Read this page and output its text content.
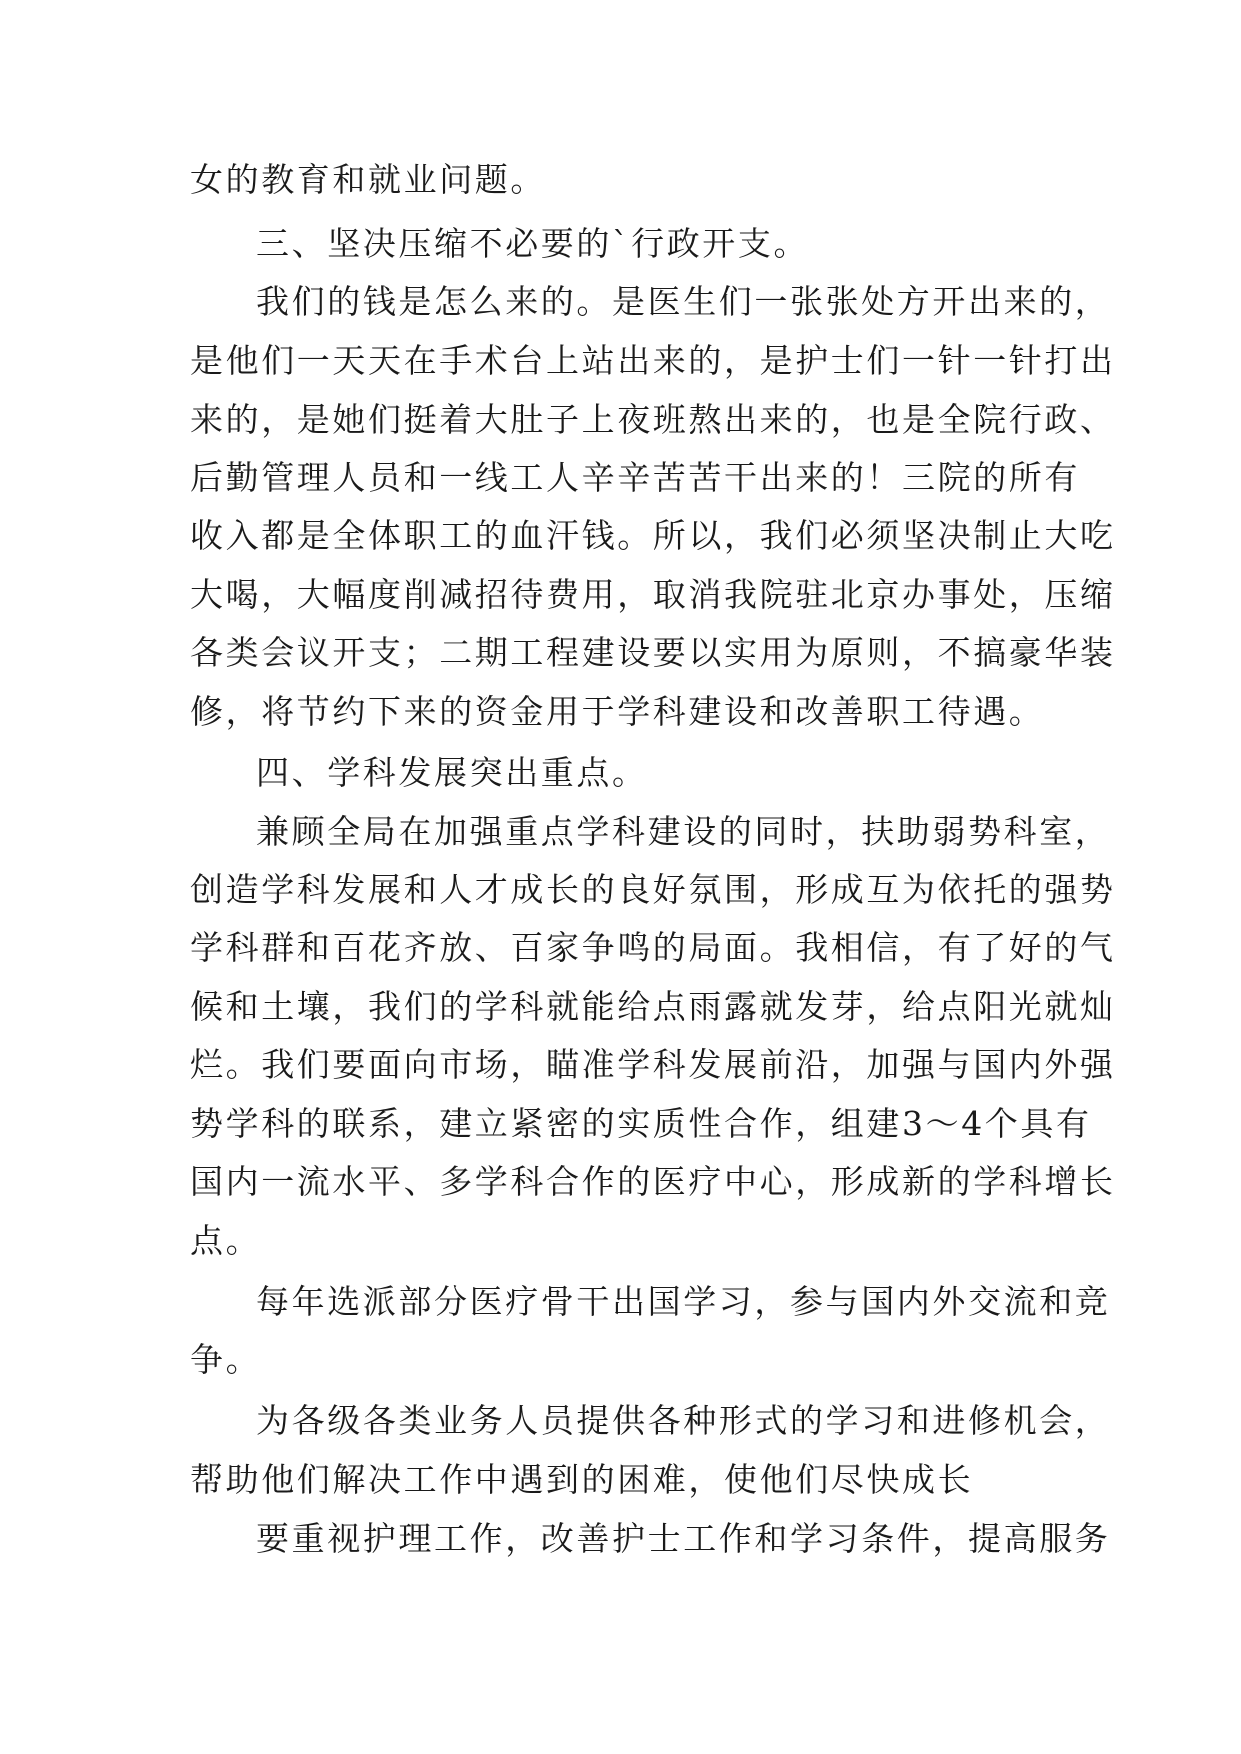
女的教育和就业问题。
三、坚决压缩不必要的`行政开支。
我们的钱是怎么来的。是医生们一张张处方开出来的，
是他们一天天在手术台上站出来的，是护士们一针一针打出
来的，是她们挺着大肚子上夜班熬出来的，也是全院行政、
后勤管理人员和一线工人辛辛苦苦干出来的！三院的所有
收入都是全体职工的血汗钱。所以，我们必须坚决制止大吃
大喝，大幅度削减招待费用，取消我院驻北京办事处，压缩
各类会议开支；二期工程建设要以实用为原则，不搞豪华装
修，将节约下来的资金用于学科建设和改善职工待遇。
四、学科发展突出重点。
兼顾全局在加强重点学科建设的同时，扶助弱势科室，
创造学科发展和人才成长的良好氛围，形成互为依托的强势
学科群和百花齐放、百家争鸣的局面。我相信，有了好的气
候和土壤，我们的学科就能给点雨露就发芽，给点阳光就灿
烂。我们要面向市场，瞄准学科发展前沿，加强与国内外强
势学科的联系，建立紧密的实质性合作，组建3～4个具有
国内一流水平、多学科合作的医疗中心，形成新的学科增长
点。
每年选派部分医疗骨干出国学习，参与国内外交流和竞
争。
为各级各类业务人员提供各种形式的学习和进修机会，
帮助他们解决工作中遇到的困难，使他们尽快成长
要重视护理工作，改善护士工作和学习条件，提高服务
